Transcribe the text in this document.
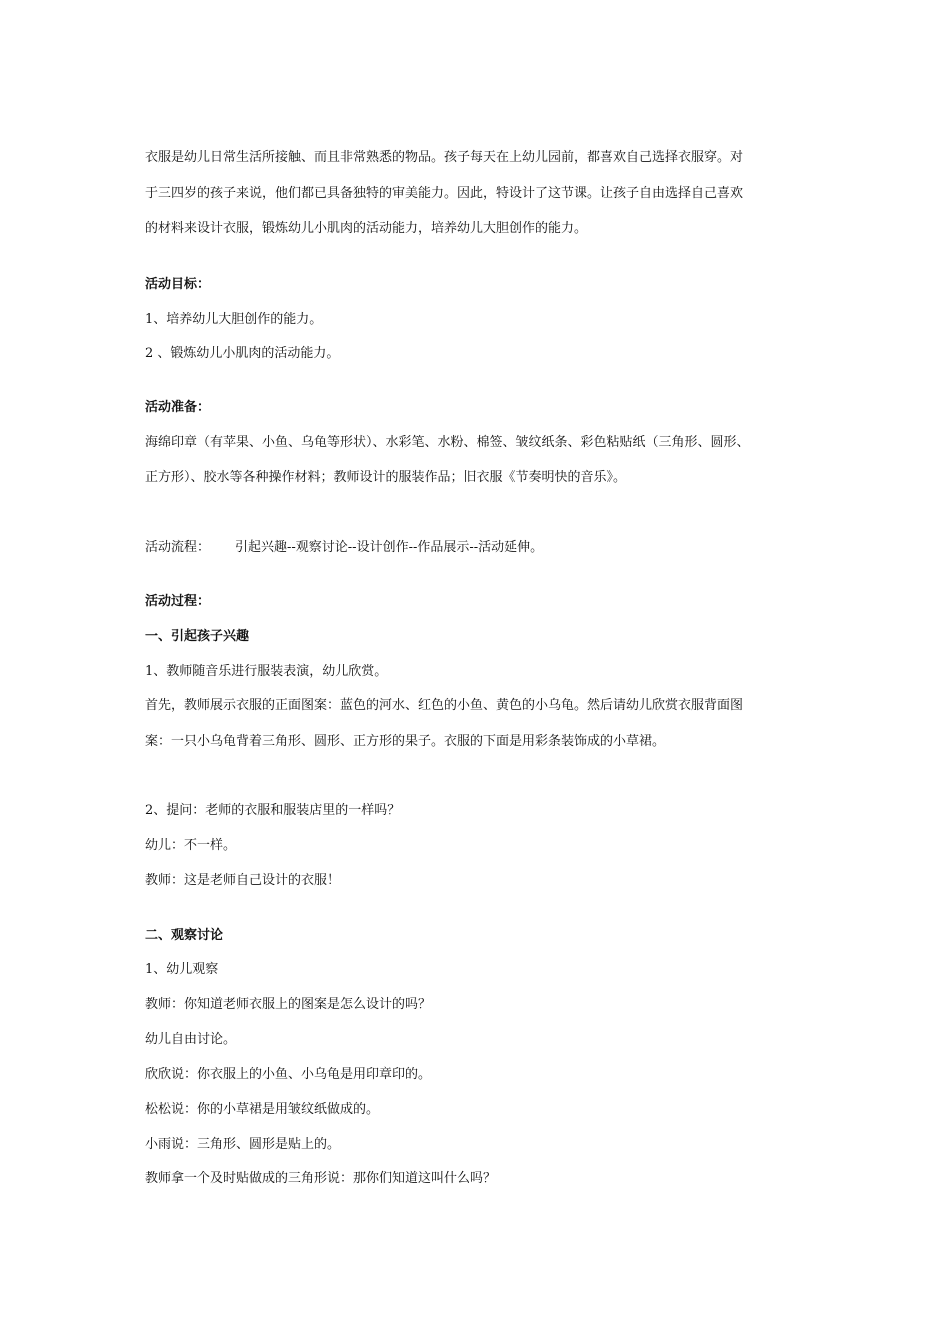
衣服是幼儿日常生活所接触、而且非常熟悉的物品。孩子每天在上幼儿园前，都喜欢自己选择衣服穿。对
于三四岁的孩子来说，他们都已具备独特的审美能力。因此，特设计了这节课。让孩子自由选择自己喜欢
的材料来设计衣服，锻炼幼儿小肌肉的活动能力，培养幼儿大胆创作的能力。
活动目标：
1、培养幼儿大胆创作的能力。
2 、锻炼幼儿小肌肉的活动能力。
活动准备：
海绵印章（有苹果、小鱼、乌龟等形状）、水彩笔、水粉、棉签、皱纹纸条、彩色粘贴纸（三角形、圆形、
正方形）、胶水等各种操作材料；教师设计的服装作品；旧衣服《节奏明快的音乐》。
活动流程： 引起兴趣--观察讨论--设计创作--作品展示--活动延伸。
活动过程：
一、引起孩子兴趣
1、教师随音乐进行服装表演，幼儿欣赏。
首先，教师展示衣服的正面图案：蓝色的河水、红色的小鱼、黄色的小乌龟。然后请幼儿欣赏衣服背面图
案：一只小乌龟背着三角形、圆形、正方形的果子。衣服的下面是用彩条装饰成的小草裙。
2、提问：老师的衣服和服装店里的一样吗？
幼儿：不一样。
教师：这是老师自己设计的衣服！
二、观察讨论
1、幼儿观察
教师：你知道老师衣服上的图案是怎么设计的吗？
幼儿自由讨论。
欣欣说：你衣服上的小鱼、小乌龟是用印章印的。
松松说：你的小草裙是用皱纹纸做成的。
小雨说：三角形、圆形是贴上的。
教师拿一个及时贴做成的三角形说：那你们知道这叫什么吗？
